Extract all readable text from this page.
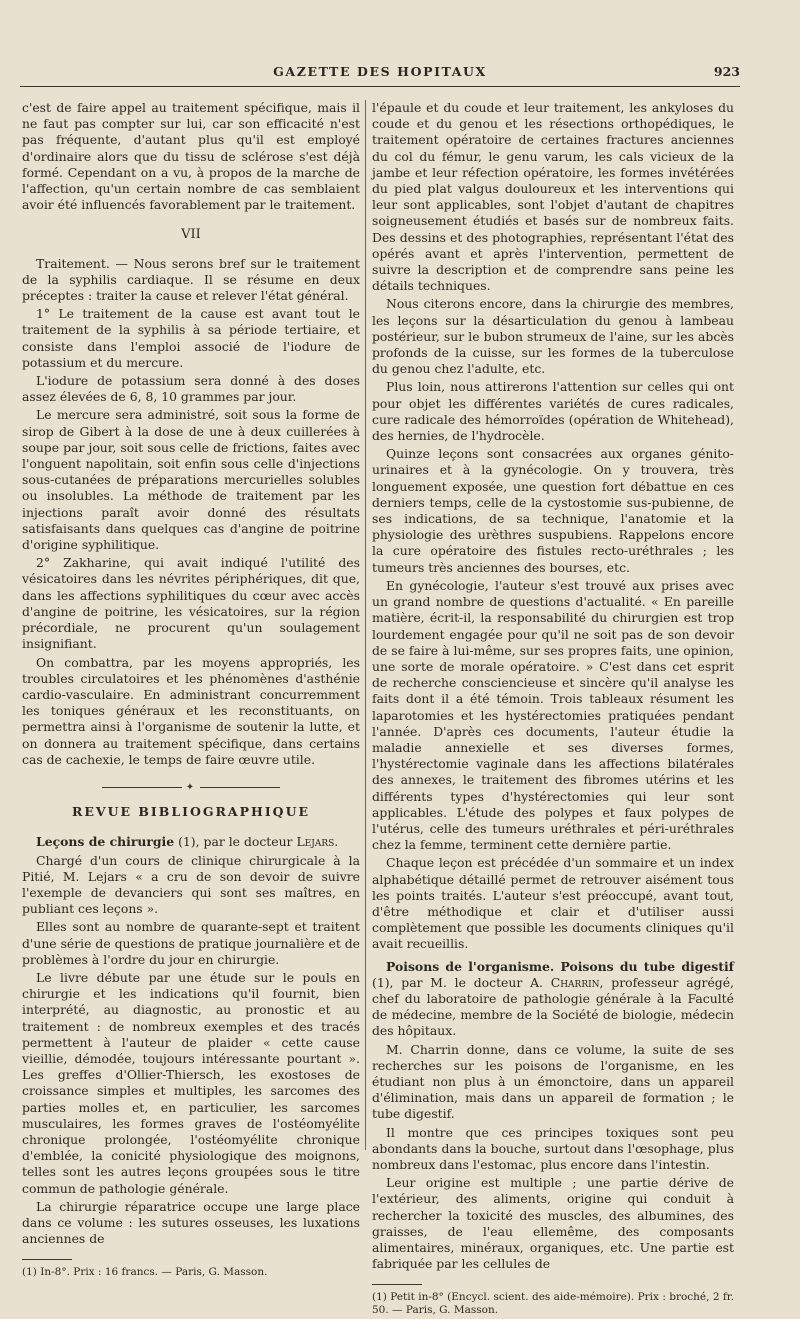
GAZETTE DES HOPITAUX	923

c'est de faire appel au traitement spécifique, mais il ne faut pas compter sur lui, car son efficacité n'est pas fréquente, d'autant plus qu'il est employé d'ordinaire alors que du tissu de sclérose s'est déjà formé. Cependant on a vu, à propos de la marche de l'affection, qu'un certain nombre de cas semblaient avoir été influencés favorablement par le traitement.

VII

Traitement. — Nous serons bref sur le traitement de la syphilis cardiaque. Il se résume en deux préceptes : traiter la cause et relever l'état général.

1° Le traitement de la cause est avant tout le traitement de la syphilis à sa période tertiaire, et consiste dans l'emploi associé de l'iodure de potassium et du mercure.

L'iodure de potassium sera donné à des doses assez élevées de 6, 8, 10 grammes par jour.

Le mercure sera administré, soit sous la forme de sirop de Gibert à la dose de une à deux cuillerées à soupe par jour, soit sous celle de frictions, faites avec l'onguent napolitain, soit enfin sous celle d'injections sous-cutanées de préparations mercurielles solubles ou insolubles. La méthode de traitement par les injections paraît avoir donné des résultats satisfaisants dans quelques cas d'angine de poitrine d'origine syphilitique.

2° Zakharine, qui avait indiqué l'utilité des vésicatoires dans les névrites périphériques, dit que, dans les affections syphilitiques du cœur avec accès d'angine de poitrine, les vésicatoires, sur la région précordiale, ne procurent qu'un soulagement insignifiant.

On combattra, par les moyens appropriés, les troubles circulatoires et les phénomènes d'asthénie cardio-vasculaire. En administrant concurremment les toniques généraux et les reconstituants, on permettra ainsi à l'organisme de soutenir la lutte, et on donnera au traitement spécifique, dans certains cas de cachexie, le temps de faire œuvre utile.

✦
REVUE BIBLIOGRAPHIQUE

Leçons de chirurgie (1), par le docteur Lejars.

Chargé d'un cours de clinique chirurgicale à la Pitié, M. Lejars « a cru de son devoir de suivre l'exemple de devanciers qui sont ses maîtres, en publiant ces leçons ».

Elles sont au nombre de quarante-sept et traitent d'une série de questions de pratique journalière et de problèmes à l'ordre du jour en chirurgie.

Le livre débute par une étude sur le pouls en chirurgie et les indications qu'il fournit, bien interprété, au diagnostic, au pronostic et au traitement : de nombreux exemples et des tracés permettent à l'auteur de plaider « cette cause vieillie, démodée, toujours intéressante pourtant ». Les greffes d'Ollier-Thiersch, les exostoses de croissance simples et multiples, les sarcomes des parties molles et, en particulier, les sarcomes musculaires, les formes graves de l'ostéomyélite chronique prolongée, l'ostéomyélite chronique d'emblée, la conicité physiologique des moignons, telles sont les autres leçons groupées sous le titre commun de pathologie générale.

La chirurgie réparatrice occupe une large place dans ce volume : les sutures osseuses, les luxations anciennes de

(1) In-8°. Prix : 16 francs. — Paris, G. Masson.

l'épaule et du coude et leur traitement, les ankyloses du coude et du genou et les résections orthopédiques, le traitement opératoire de certaines fractures anciennes du col du fémur, le genu varum, les cals vicieux de la jambe et leur réfection opératoire, les formes invétérées du pied plat valgus douloureux et les interventions qui leur sont applicables, sont l'objet d'autant de chapitres soigneusement étudiés et basés sur de nombreux faits. Des dessins et des photographies, représentant l'état des opérés avant et après l'intervention, permettent de suivre la description et de comprendre sans peine les détails techniques.

Nous citerons encore, dans la chirurgie des membres, les leçons sur la désarticulation du genou à lambeau postérieur, sur le bubon strumeux de l'aine, sur les abcès profonds de la cuisse, sur les formes de la tuberculose du genou chez l'adulte, etc.

Plus loin, nous attirerons l'attention sur celles qui ont pour objet les différentes variétés de cures radicales, cure radicale des hémorroïdes (opération de Whitehead), des hernies, de l'hydrocèle.

Quinze leçons sont consacrées aux organes génito-urinaires et à la gynécologie. On y trouvera, très longuement exposée, une question fort débattue en ces derniers temps, celle de la cystostomie sus-pubienne, de ses indications, de sa technique, l'anatomie et la physiologie des urèthres suspubiens. Rappelons encore la cure opératoire des fistules recto-uréthrales ; les tumeurs très anciennes des bourses, etc.

En gynécologie, l'auteur s'est trouvé aux prises avec un grand nombre de questions d'actualité. « En pareille matière, écrit-il, la responsabilité du chirurgien est trop lourdement engagée pour qu'il ne soit pas de son devoir de se faire à lui-même, sur ses propres faits, une opinion, une sorte de morale opératoire. » C'est dans cet esprit de recherche consciencieuse et sincère qu'il analyse les faits dont il a été témoin. Trois tableaux résument les laparotomies et les hystérectomies pratiquées pendant l'année. D'après ces documents, l'auteur étudie la maladie annexielle et ses diverses formes, l'hystérectomie vaginale dans les affections bilatérales des annexes, le traitement des fibromes utérins et les différents types d'hystérectomies qui leur sont applicables. L'étude des polypes et faux polypes de l'utérus, celle des tumeurs uréthrales et péri-uréthrales chez la femme, terminent cette dernière partie.

Chaque leçon est précédée d'un sommaire et un index alphabétique détaillé permet de retrouver aisément tous les points traités. L'auteur s'est préoccupé, avant tout, d'être méthodique et clair et d'utiliser aussi complètement que possible les documents cliniques qu'il avait recueillis.

Poisons de l'organisme. Poisons du tube digestif (1), par M. le docteur A. Charrin, professeur agrégé, chef du laboratoire de pathologie générale à la Faculté de médecine, membre de la Société de biologie, médecin des hôpitaux.

M. Charrin donne, dans ce volume, la suite de ses recherches sur les poisons de l'organisme, en les étudiant non plus à un émonctoire, dans un appareil d'élimination, mais dans un appareil de formation ; le tube digestif.

Il montre que ces principes toxiques sont peu abondants dans la bouche, surtout dans l'œsophage, plus nombreux dans l'estomac, plus encore dans l'intestin.

Leur origine est multiple ; une partie dérive de l'extérieur, des aliments, origine qui conduit à rechercher la toxicité des muscles, des albumines, des graisses, de l'eau ellemême, des composants alimentaires, minéraux, organiques, etc. Une partie est fabriquée par les cellules de

(1) Petit in-8° (Encycl. scient. des aide-mémoire). Prix : broché, 2 fr. 50. — Paris, G. Masson.
